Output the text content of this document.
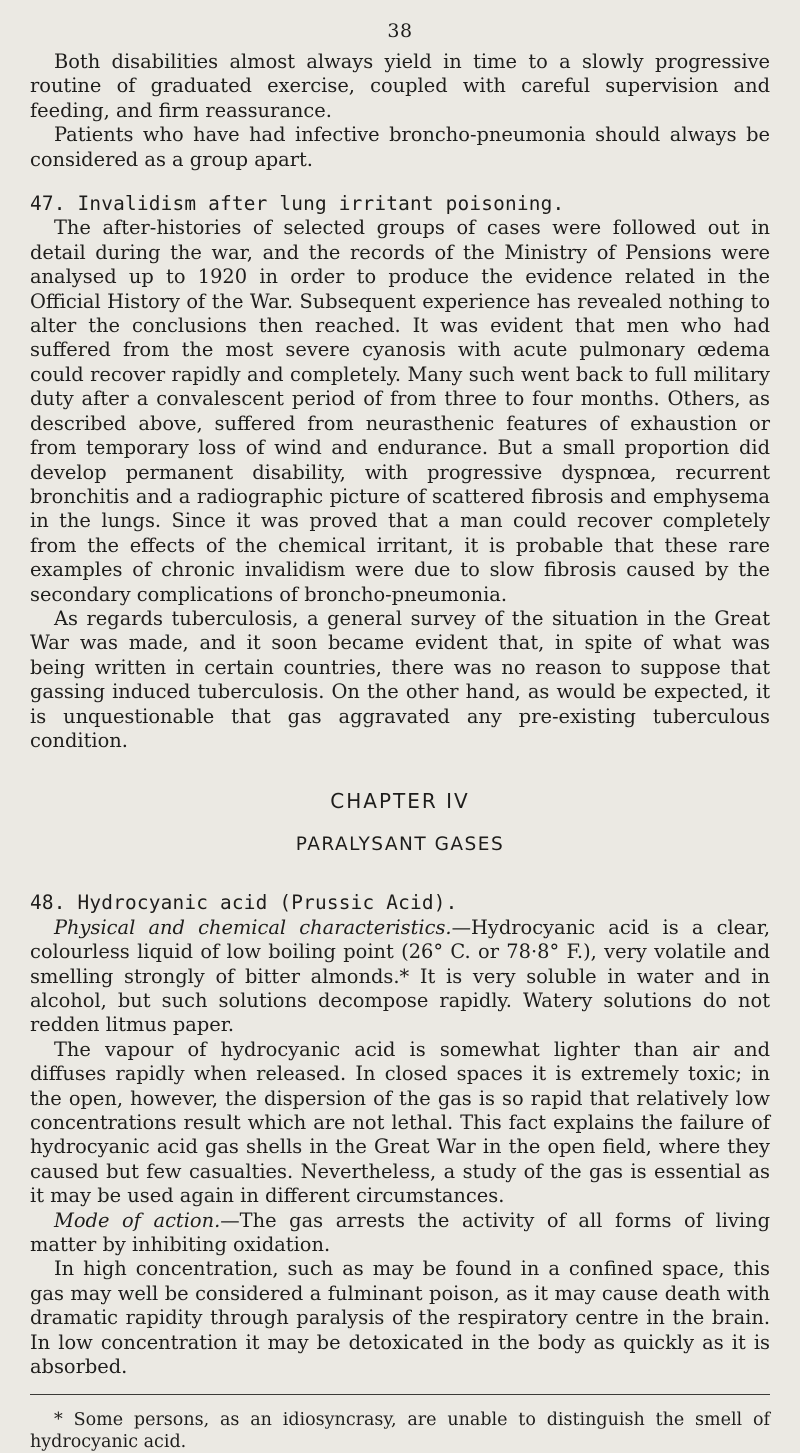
38

Both disabilities almost always yield in time to a slowly progressive routine of graduated exercise, coupled with careful supervision and feeding, and firm reassurance.

Patients who have had infective broncho-pneumonia should always be considered as a group apart.

47. Invalidism after lung irritant poisoning.

The after-histories of selected groups of cases were followed out in detail during the war, and the records of the Ministry of Pensions were analysed up to 1920 in order to produce the evidence related in the Official History of the War. Subsequent experience has revealed nothing to alter the conclusions then reached. It was evident that men who had suffered from the most severe cyanosis with acute pulmonary œdema could recover rapidly and completely. Many such went back to full military duty after a convalescent period of from three to four months. Others, as described above, suffered from neurasthenic features of exhaustion or from temporary loss of wind and endurance. But a small proportion did develop permanent disability, with progressive dyspnœa, recurrent bronchitis and a radiographic picture of scattered fibrosis and emphysema in the lungs. Since it was proved that a man could recover completely from the effects of the chemical irritant, it is probable that these rare examples of chronic invalidism were due to slow fibrosis caused by the secondary complications of broncho-pneumonia.

As regards tuberculosis, a general survey of the situation in the Great War was made, and it soon became evident that, in spite of what was being written in certain countries, there was no reason to suppose that gassing induced tuberculosis. On the other hand, as would be expected, it is unquestionable that gas aggravated any pre-existing tuberculous condition.

CHAPTER IV

PARALYSANT GASES

48. Hydrocyanic acid (Prussic Acid).

Physical and chemical characteristics.—Hydrocyanic acid is a clear, colourless liquid of low boiling point (26° C. or 78·8° F.), very volatile and smelling strongly of bitter almonds.* It is very soluble in water and in alcohol, but such solutions decompose rapidly. Watery solutions do not redden litmus paper.

The vapour of hydrocyanic acid is somewhat lighter than air and diffuses rapidly when released. In closed spaces it is extremely toxic; in the open, however, the dispersion of the gas is so rapid that relatively low concentrations result which are not lethal. This fact explains the failure of hydrocyanic acid gas shells in the Great War in the open field, where they caused but few casualties. Nevertheless, a study of the gas is essential as it may be used again in different circumstances.

Mode of action.—The gas arrests the activity of all forms of living matter by inhibiting oxidation.

In high concentration, such as may be found in a confined space, this gas may well be considered a fulminant poison, as it may cause death with dramatic rapidity through paralysis of the respiratory centre in the brain. In low concentration it may be detoxicated in the body as quickly as it is absorbed.

* Some persons, as an idiosyncrasy, are unable to distinguish the smell of hydrocyanic acid.
